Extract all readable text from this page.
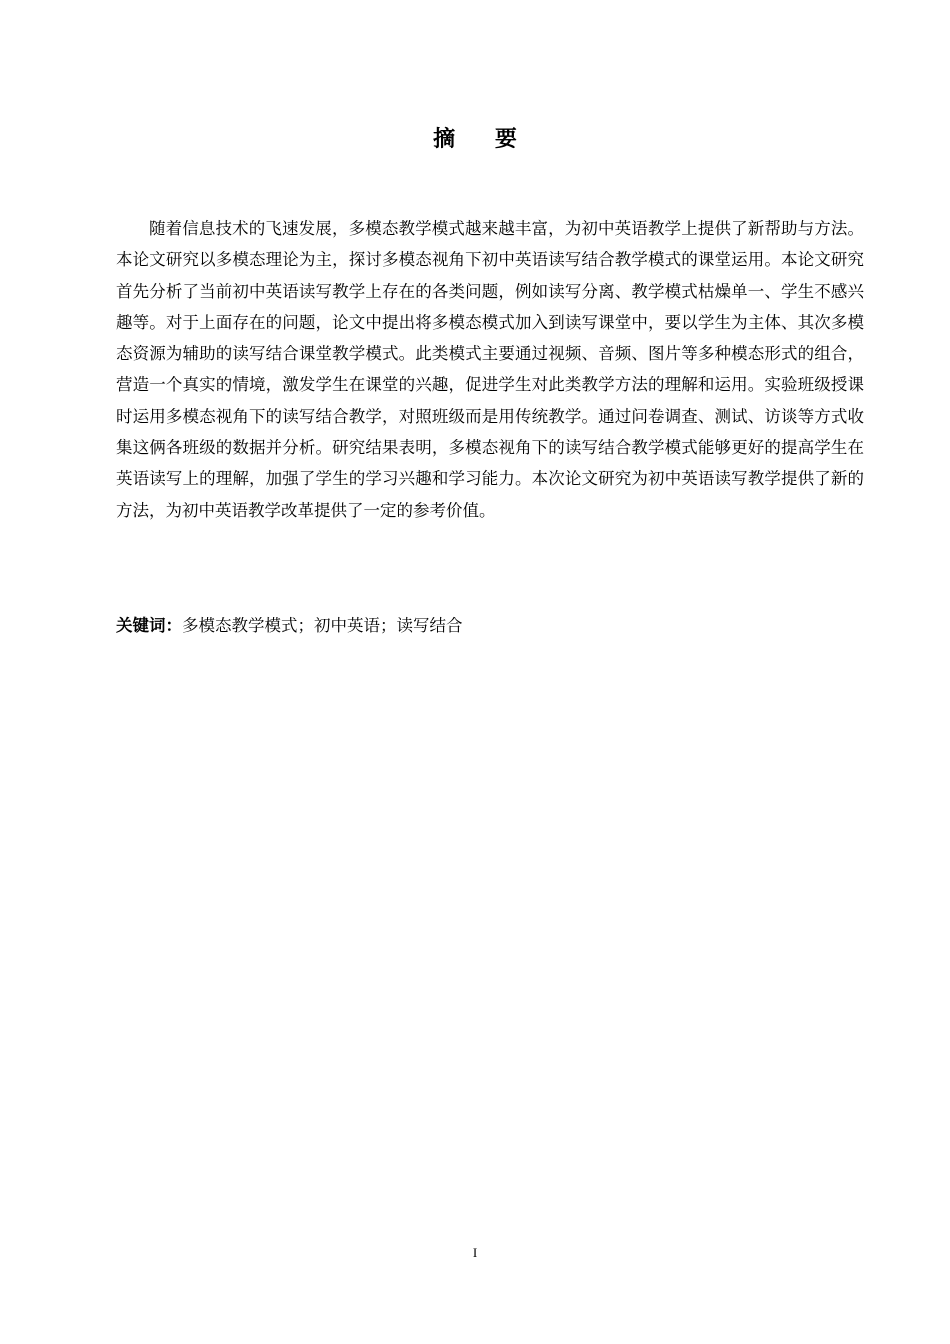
摘 要

随着信息技术的飞速发展，多模态教学模式越来越丰富，为初中英语教学上提供了新帮助与方法。本论文研究以多模态理论为主，探讨多模态视角下初中英语读写结合教学模式的课堂运用。本论文研究首先分析了当前初中英语读写教学上存在的各类问题，例如读写分离、教学模式枯燥单一、学生不感兴趣等。对于上面存在的问题，论文中提出将多模态模式加入到读写课堂中，要以学生为主体、其次多模态资源为辅助的读写结合课堂教学模式。此类模式主要通过视频、音频、图片等多种模态形式的组合，营造一个真实的情境，激发学生在课堂的兴趣，促进学生对此类教学方法的理解和运用。实验班级授课时运用多模态视角下的读写结合教学，对照班级而是用传统教学。通过问卷调查、测试、访谈等方式收集这俩各班级的数据并分析。研究结果表明，多模态视角下的读写结合教学模式能够更好的提高学生在英语读写上的理解，加强了学生的学习兴趣和学习能力。本次论文研究为初中英语读写教学提供了新的方法，为初中英语教学改革提供了一定的参考价值。

关键词：多模态教学模式；初中英语；读写结合

I
